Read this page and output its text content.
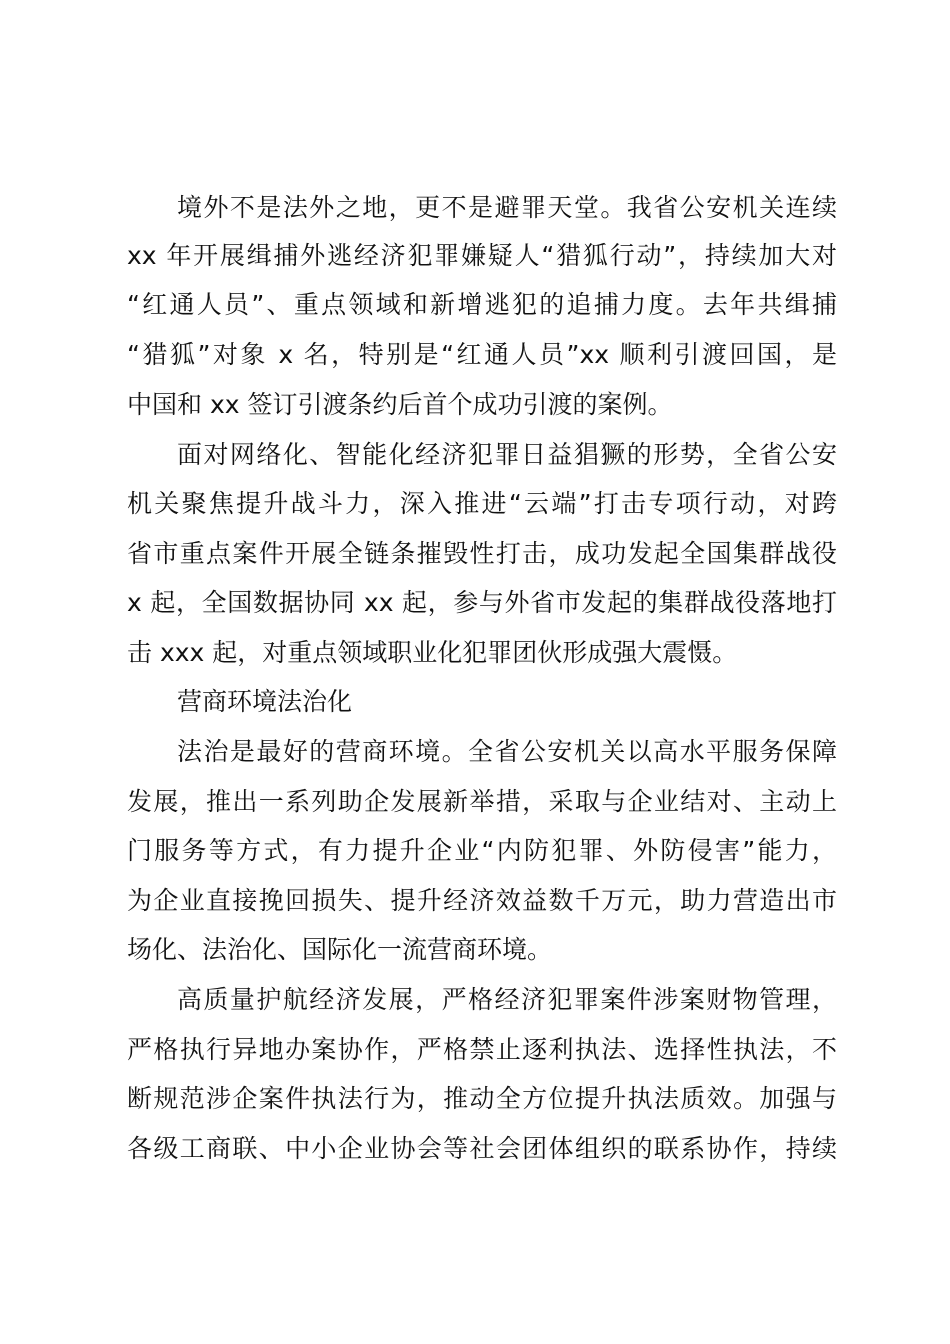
境外不是法外之地，更不是避罪天堂。我省公安机关连续
xx 年开展缉捕外逃经济犯罪嫌疑人“猎狐行动”，持续加大对
“红通人员”、重点领域和新增逃犯的追捕力度。去年共缉捕
“猎狐”对象 x 名，特别是“红通人员”xx 顺利引渡回国，是
中国和 xx 签订引渡条约后首个成功引渡的案例。
面对网络化、智能化经济犯罪日益猖獗的形势，全省公安
机关聚焦提升战斗力，深入推进“云端”打击专项行动，对跨
省市重点案件开展全链条摧毁性打击，成功发起全国集群战役
x 起，全国数据协同 xx 起，参与外省市发起的集群战役落地打
击 xxx 起，对重点领域职业化犯罪团伙形成强大震慑。
营商环境法治化
法治是最好的营商环境。全省公安机关以高水平服务保障
发展，推出一系列助企发展新举措，采取与企业结对、主动上
门服务等方式，有力提升企业“内防犯罪、外防侵害”能力，
为企业直接挽回损失、提升经济效益数千万元，助力营造出市
场化、法治化、国际化一流营商环境。
高质量护航经济发展，严格经济犯罪案件涉案财物管理，
严格执行异地办案协作，严格禁止逐利执法、选择性执法，不
断规范涉企案件执法行为，推动全方位提升执法质效。加强与
各级工商联、中小企业协会等社会团体组织的联系协作，持续
